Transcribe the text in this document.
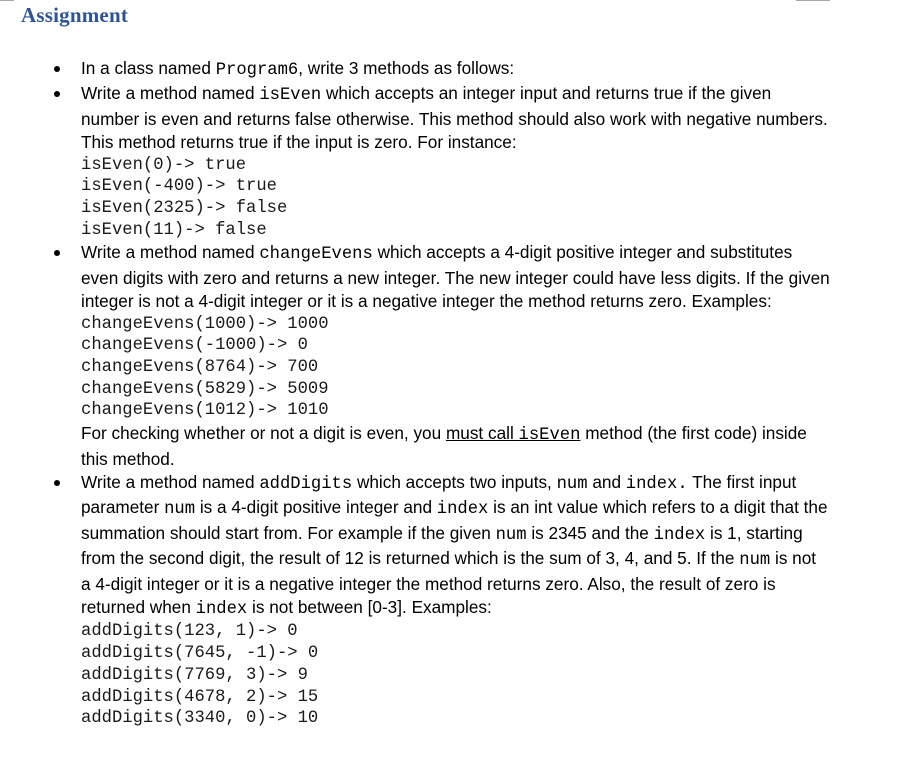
Assignment
In a class named Program6, write 3 methods as follows:
Write a method named isEven which accepts an integer input and returns true if the given number is even and returns false otherwise. This method should also work with negative numbers. This method returns true if the input is zero. For instance:
isEven(0)-> true
isEven(-400)-> true
isEven(2325)-> false
isEven(11)-> false
Write a method named changeEvens which accepts a 4-digit positive integer and substitutes even digits with zero and returns a new integer. The new integer could have less digits. If the given integer is not a 4-digit integer or it is a negative integer the method returns zero. Examples:
changeEvens(1000)-> 1000
changeEvens(-1000)-> 0
changeEvens(8764)-> 700
changeEvens(5829)-> 5009
changeEvens(1012)-> 1010
For checking whether or not a digit is even, you must call isEven method (the first code) inside this method.
Write a method named addDigits which accepts two inputs, num and index. The first input parameter num is a 4-digit positive integer and index is an int value which refers to a digit that the summation should start from. For example if the given num is 2345 and the index is 1, starting from the second digit, the result of 12 is returned which is the sum of 3, 4, and 5. If the num is not a 4-digit integer or it is a negative integer the method returns zero. Also, the result of zero is returned when index is not between [0-3]. Examples:
addDigits(123, 1)-> 0
addDigits(7645, -1)-> 0
addDigits(7769, 3)-> 9
addDigits(4678, 2)-> 15
addDigits(3340, 0)-> 10
